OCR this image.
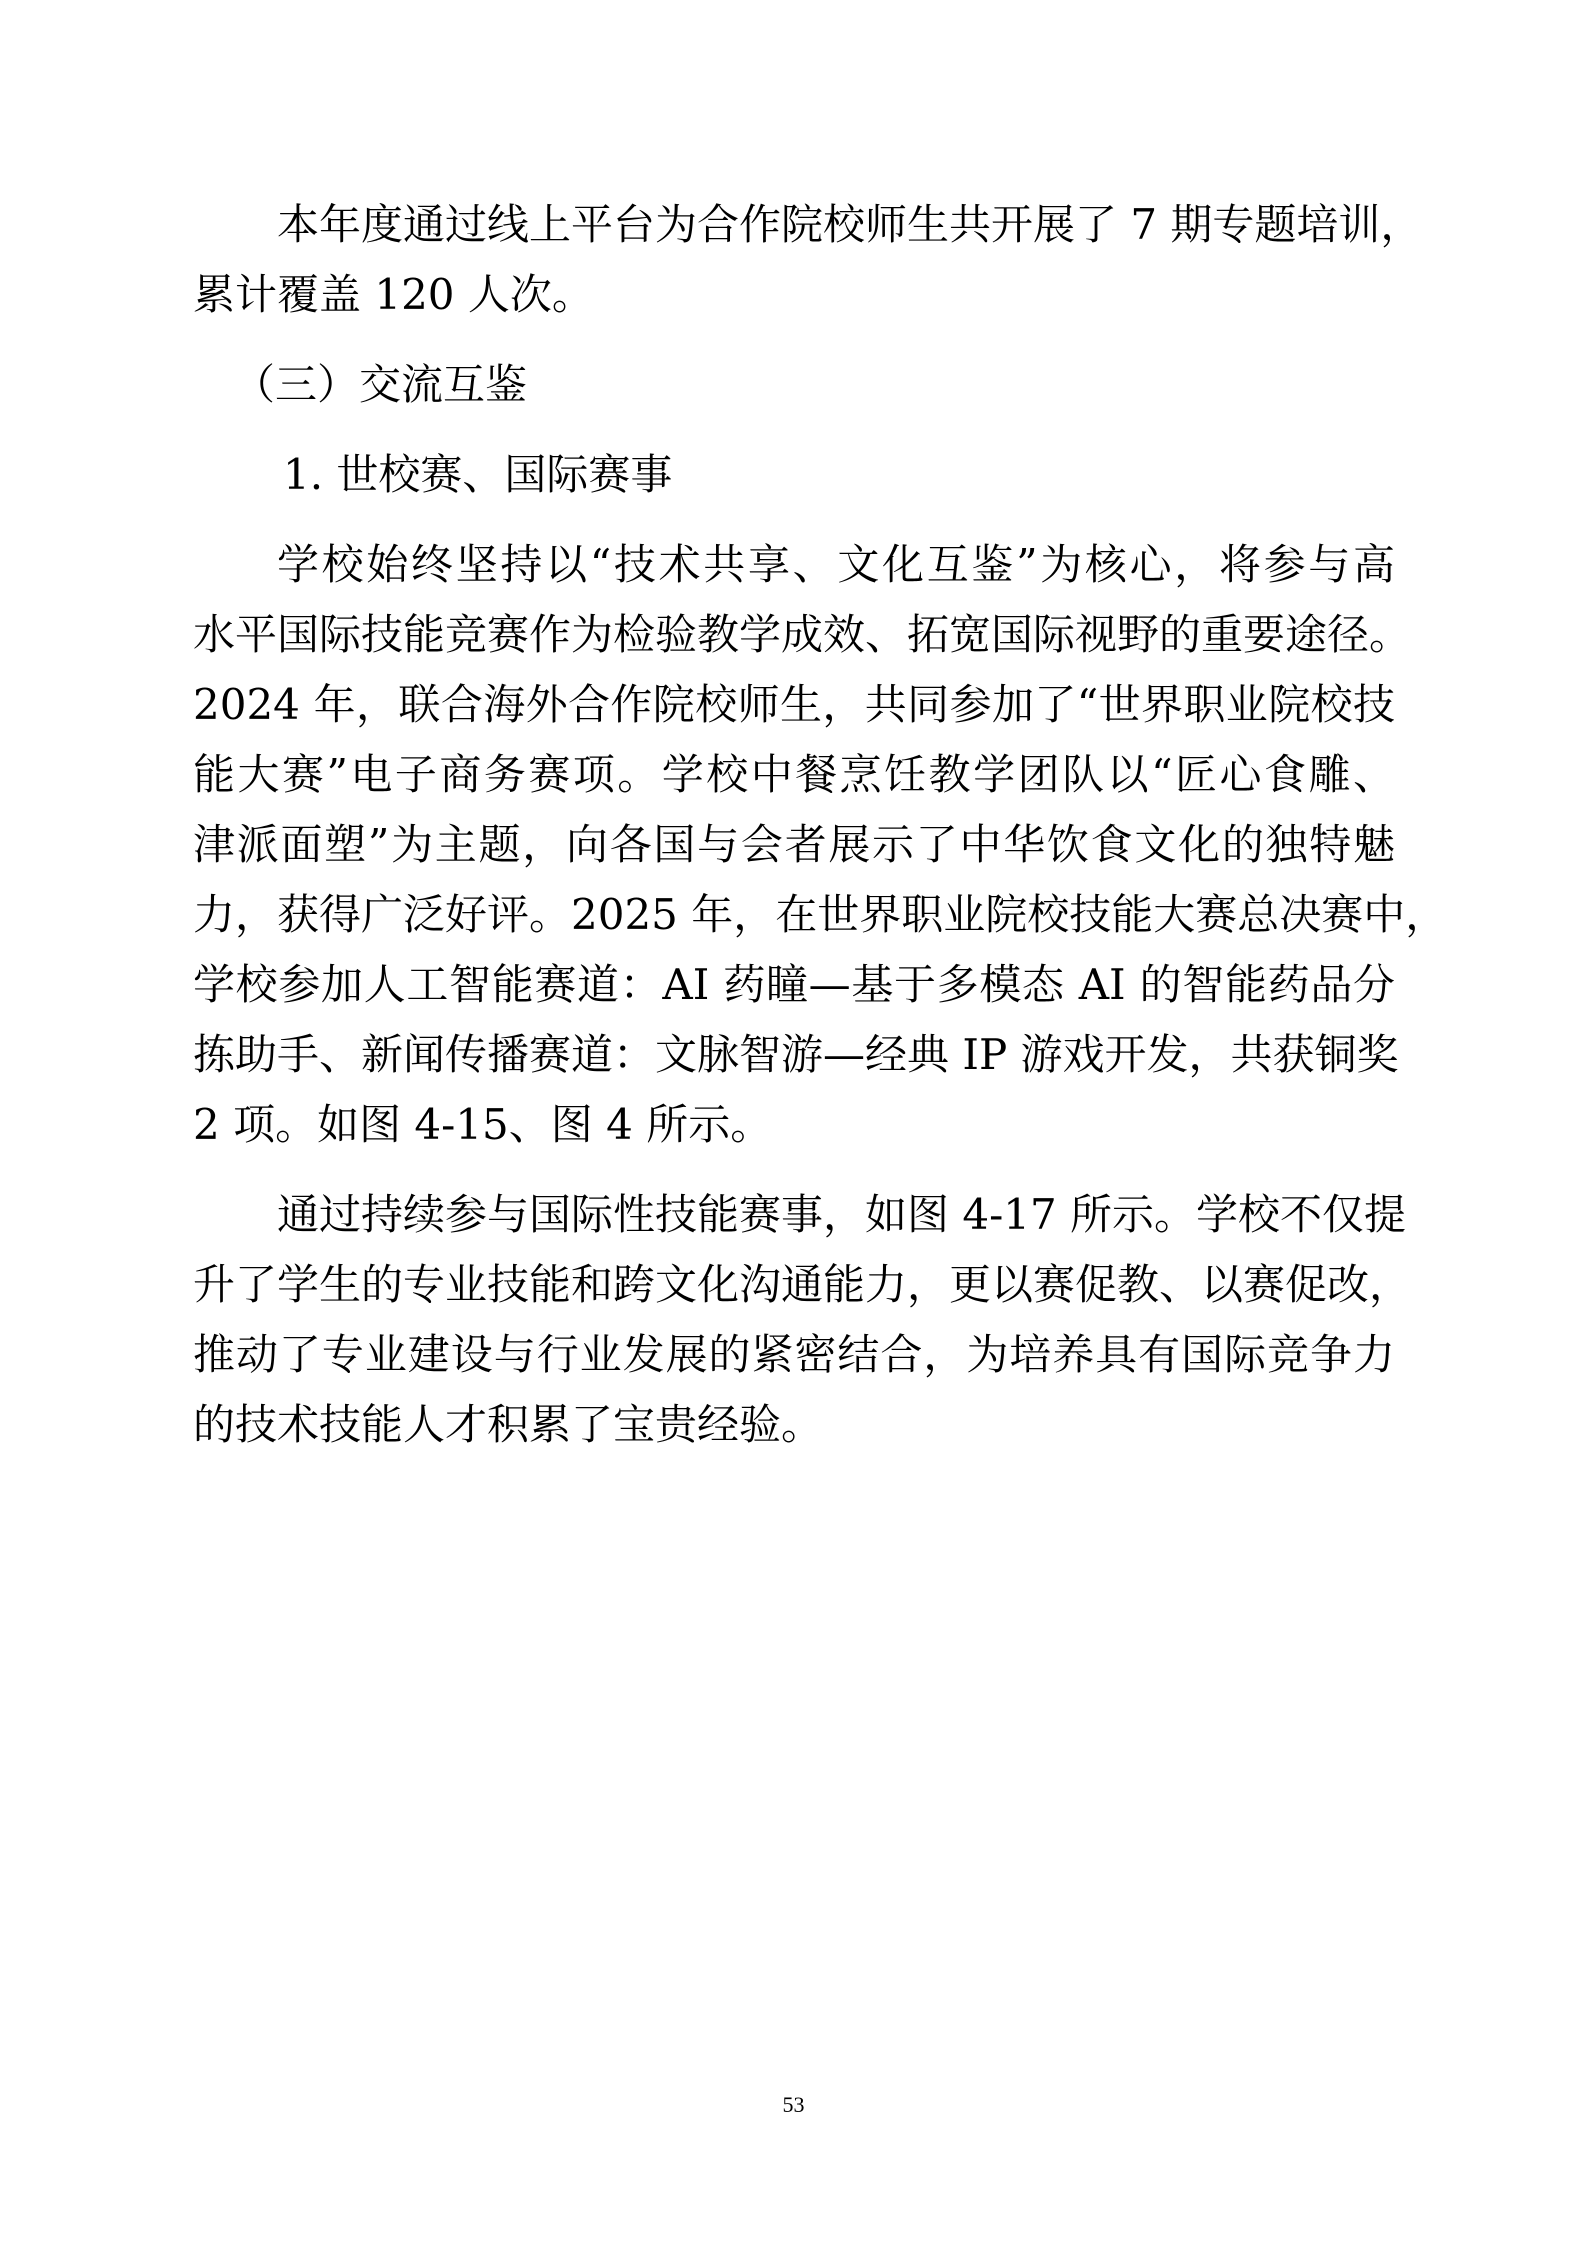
本年度通过线上平台为合作院校师生共开展了 7 期专题培训，
累计覆盖 120 人次。
（三）交流互鉴
1. 世校赛、国际赛事
学校始终坚持以“技术共享、文化互鉴”为核心，将参与高
水平国际技能竞赛作为检验教学成效、拓宽国际视野的重要途径。
2024 年，联合海外合作院校师生，共同参加了“世界职业院校技
能大赛”电子商务赛项。学校中餐烹饪教学团队以“匠心食雕、
津派面塑”为主题，向各国与会者展示了中华饮食文化的独特魅
力，获得广泛好评。2025 年，在世界职业院校技能大赛总决赛中，
学校参加人工智能赛道：AI 药瞳—基于多模态 AI 的智能药品分
拣助手、新闻传播赛道：文脉智游—经典 IP 游戏开发，共获铜奖
2 项。如图 4-15、图 4 所示。
通过持续参与国际性技能赛事，如图 4-17 所示。学校不仅提
升了学生的专业技能和跨文化沟通能力，更以赛促教、以赛促改，
推动了专业建设与行业发展的紧密结合，为培养具有国际竞争力
的技术技能人才积累了宝贵经验。
53
